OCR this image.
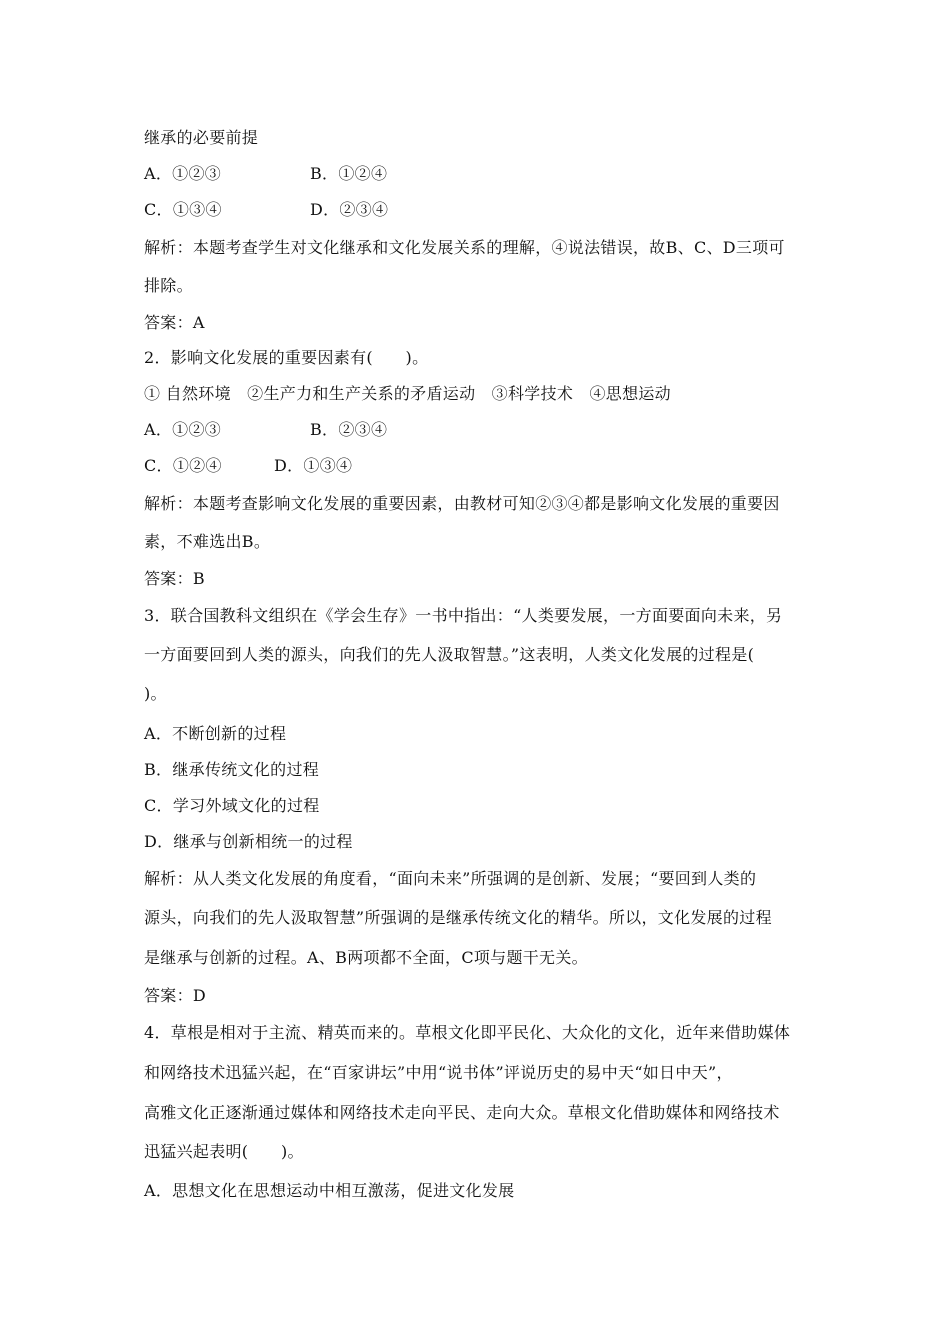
继承的必要前提
A．①②③	B．①②④
C．①③④	D．②③④
解析：本题考查学生对文化继承和文化发展关系的理解，④说法错误，故B、C、D三项可
排除。
答案：A
2．影响文化发展的重要因素有(　　)。
① 自然环境　②生产力和生产关系的矛盾运动　③科学技术　④思想运动
A．①②③	B．②③④
C．①②④	D．①③④
解析：本题考查影响文化发展的重要因素，由教材可知②③④都是影响文化发展的重要因
素，不难选出B。
答案：B
3．联合国教科文组织在《学会生存》一书中指出：“人类要发展，一方面要面向未来，另
一方面要回到人类的源头，向我们的先人汲取智慧。”这表明，人类文化发展的过程是(
)。
A．不断创新的过程
B．继承传统文化的过程
C．学习外域文化的过程
D．继承与创新相统一的过程
解析：从人类文化发展的角度看，“面向未来”所强调的是创新、发展；“要回到人类的
源头，向我们的先人汲取智慧”所强调的是继承传统文化的精华。所以，文化发展的过程
是继承与创新的过程。A、B两项都不全面，C项与题干无关。
答案：D
4．草根是相对于主流、精英而来的。草根文化即平民化、大众化的文化，近年来借助媒体
和网络技术迅猛兴起，在“百家讲坛”中用“说书体”评说历史的易中天“如日中天”，
高雅文化正逐渐通过媒体和网络技术走向平民、走向大众。草根文化借助媒体和网络技术
迅猛兴起表明(　　)。
A．思想文化在思想运动中相互激荡，促进文化发展
